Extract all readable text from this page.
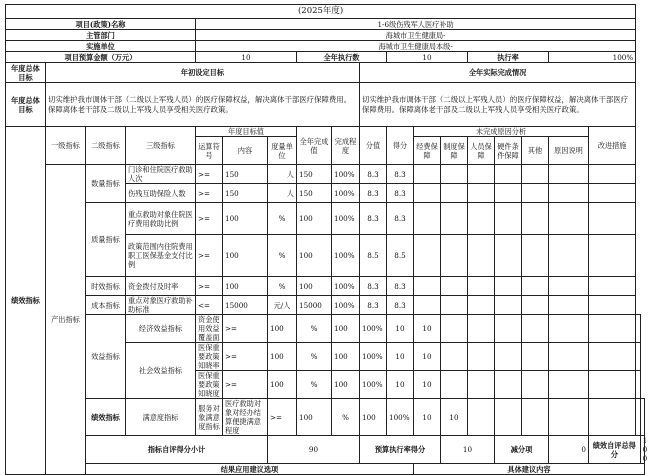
(2025年度)																			
项目(政策)名称				1-6级伤残军人医疗补助															
主管部门				海城市卫生健康局-															
实施单位				海城市卫生健康局本级-															
项目预算金额（万元）				10			全年执行数			10			执行率			100%			
年度总体目标	年初设定目标								全年实际完成情况										
年度总体目标	切实维护我市调体干部（二级以上军残人员）的医疗保障权益，解决离体干部医疗保障费用。保障离体老干部及二级以上军残人员享受相关医疗政策。								切实维护我市调体干部（二级以上军残人员）的医疗保障权益，解决离体干部医疗保障费用。保障离体老干部及二级以上军残人员享受相关医疗政策。										
绩效指标	一级指标	二级指标	三级指标	年度目标值			全年完成值	完成程度	分值	得分	未完成原因分析						改进措施		
				运算符号	内容	度量单位					经费保障	制度保障	人员保障	硬件条件保障	其他	原因说明			

	产出指标	数量指标	门诊和住院医疗救助人次	>=	150	人	150	100%	8.3	8.3									

			伤残互助保险人数	>=	150	人	150	100%	8.3	8.3									

		质量指标	重点救助对象住院医疗费用救助比例	>=	100	%	100	100%	8.3	8.3									

			政策范围内住院费用职工医保基金支付比例	>=	100	%	100	100%	8.5	8.5									

		时效指标	资金拨付及时率	>=	100	%	100	100%	8.3	8.3									

		成本指标	重点对象医疗救助补助标准	<=	15000	元/人	15000	100%	8.3	8.3									

		效益指标	经济效益指标	资金使用效益覆盖面	>=	100	%	100	100%	10	10								
			社会效益指标	医保重要政策知晓率	>=	100	%	100	100%	10	10								
				医保重要政策知晓度	>=	100	%	100	100%	10	10								
		绩效指标	满意度指标	服务对象满意度指标	医疗救助对象对经办结算便捷满意程度	>=	100	%	100	100%	10	10							
		指标自评得分小计				90			预算执行率得分			10		减分项		0	绩效自评总得分		100
		结果应用建议选项									具体建议内容								
